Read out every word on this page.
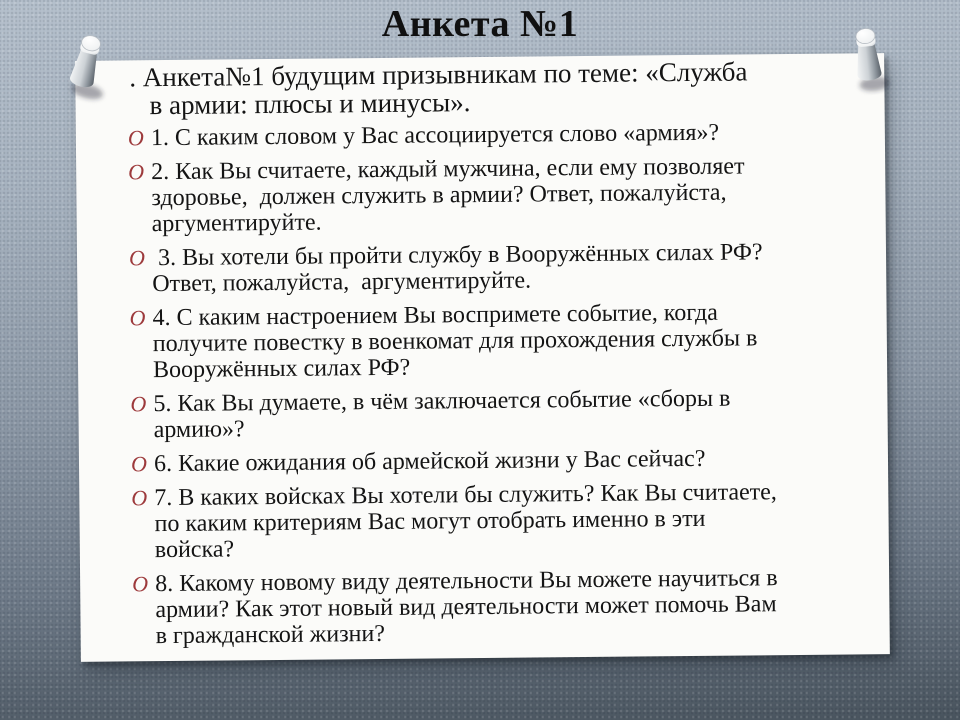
Анкета №1

. Анкета№1 будущим призывникам по теме: «Служба
в армии: плюсы и минусы».

O 1. С каким словом у Вас ассоциируется слово «армия»?
O 2. Как Вы считаете, каждый мужчина, если ему позволяет
здоровье,  должен служить в армии? Ответ, пожалуйста,
аргументируйте.
O 3. Вы хотели бы пройти службу в Вооружённых силах РФ?
Ответ, пожалуйста,  аргументируйте.
O 4. С каким настроением Вы воспримете событие, когда
получите повестку в военкомат для прохождения службы в
Вооружённых силах РФ?
O 5. Как Вы думаете, в чём заключается событие «сборы в
армию»?
O 6. Какие ожидания об армейской жизни у Вас сейчас?
O 7. В каких войсках Вы хотели бы служить? Как Вы считаете,
по каким критериям Вас могут отобрать именно в эти
войска?
O 8. Какому новому виду деятельности Вы можете научиться в
армии? Как этот новый вид деятельности может помочь Вам
в гражданской жизни?
